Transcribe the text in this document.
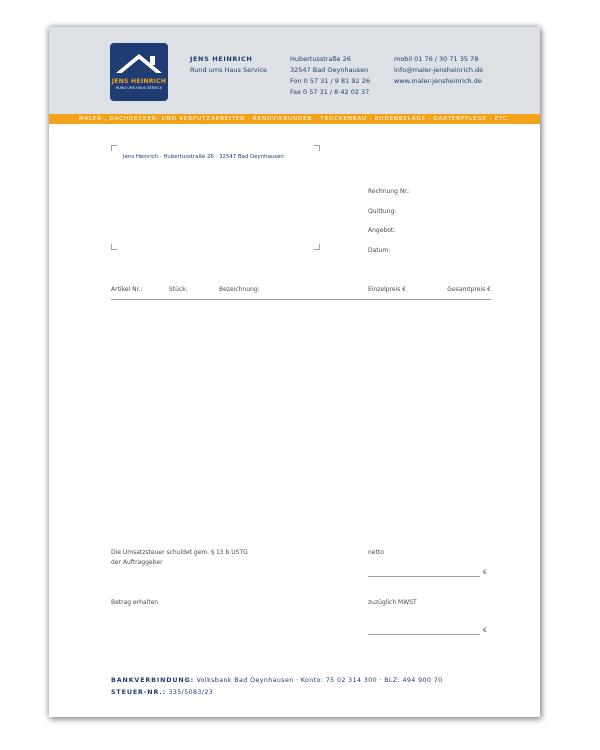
JENS HEINRICH
RUND UMS HAUS SERVICE
JENS HEINRICH
Rund ums Haus Service
Hubertusstraße 26
32547 Bad Oeynhausen
Fon 0 57 31 / 9 81 92 26
Fax 0 57 31 / 8 42 02 37
mobil 01 76 / 30 71 35 78
info@maler-jensheinrich.de
www.maler-jensheinrich.de
MALER-, DACHDECKER- UND VERPUTZARBEITEN · RENOVIERUNGEN · TROCKENBAU · BODENBELÄGE · GARTENPFLEGE · ETC.
Jens Heinrich · Hubertusstraße 26 · 32547 Bad Oeynhausen
Rechnung Nr.:
Quittung:
Angebot:
Datum:
Artikel Nr.:	Stück:	Bezeichnung:	Einzelpreis €	Gesamtpreis €
Die Umsatzsteuer schuldet gem. § 13 b USTG
der Auftraggeber
Betrag erhalten
netto
€
zuzüglich MWST
€
BANKVERBINDUNG: Volksbank Bad Oeynhausen · Konto: 75 02 314 300 · BLZ: 494 900 70
STEUER-NR.: 335/5083/23
